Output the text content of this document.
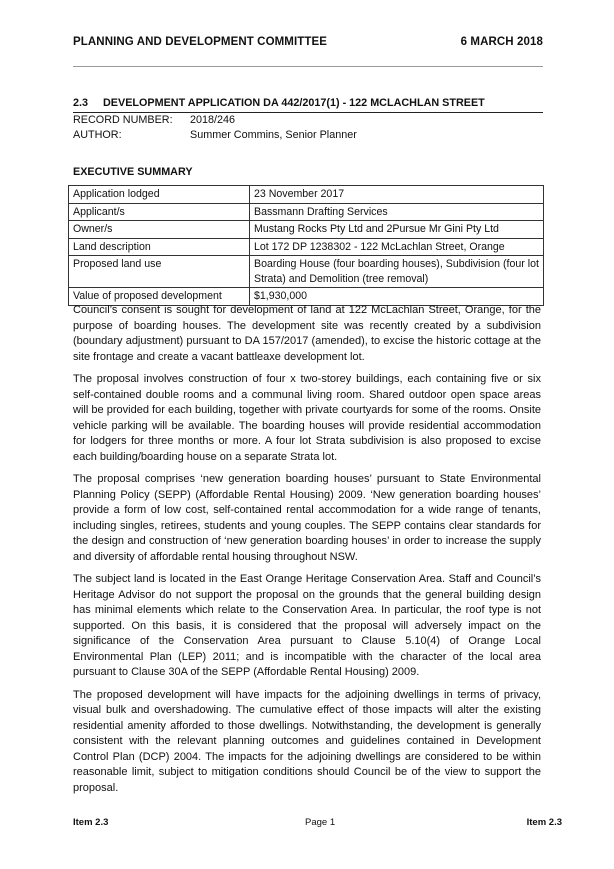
PLANNING AND DEVELOPMENT COMMITTEE	6 MARCH 2018
2.3 DEVELOPMENT APPLICATION DA 442/2017(1) - 122 MCLACHLAN STREET
RECORD NUMBER: 2018/246
AUTHOR:	Summer Commins, Senior Planner
EXECUTIVE SUMMARY
Application lodged	23 November 2017
Applicant/s	Bassmann Drafting Services
Owner/s	Mustang Rocks Pty Ltd and 2Pursue Mr Gini Pty Ltd
Land description	Lot 172 DP 1238302 - 122 McLachlan Street, Orange
Proposed land use	Boarding House (four boarding houses), Subdivision (four lot Strata) and Demolition (tree removal)
Value of proposed development	$1,930,000

Council’s consent is sought for development of land at 122 McLachlan Street, Orange, for the purpose of boarding houses. The development site was recently created by a subdivision (boundary adjustment) pursuant to DA 157/2017 (amended), to excise the historic cottage at the site frontage and create a vacant battleaxe development lot.

The proposal involves construction of four x two-storey buildings, each containing five or six self-contained double rooms and a communal living room. Shared outdoor open space areas will be provided for each building, together with private courtyards for some of the rooms. Onsite vehicle parking will be available. The boarding houses will provide residential accommodation for lodgers for three months or more. A four lot Strata subdivision is also proposed to excise each building/boarding house on a separate Strata lot.

The proposal comprises ‘new generation boarding houses’ pursuant to State Environmental Planning Policy (SEPP) (Affordable Rental Housing) 2009. ‘New generation boarding houses’ provide a form of low cost, self-contained rental accommodation for a wide range of tenants, including singles, retirees, students and young couples. The SEPP contains clear standards for the design and construction of ‘new generation boarding houses’ in order to increase the supply and diversity of affordable rental housing throughout NSW.

The subject land is located in the East Orange Heritage Conservation Area. Staff and Council’s Heritage Advisor do not support the proposal on the grounds that the general building design has minimal elements which relate to the Conservation Area. In particular, the roof type is not supported. On this basis, it is considered that the proposal will adversely impact on the significance of the Conservation Area pursuant to Clause 5.10(4) of Orange Local Environmental Plan (LEP) 2011; and is incompatible with the character of the local area pursuant to Clause 30A of the SEPP (Affordable Rental Housing) 2009.

The proposed development will have impacts for the adjoining dwellings in terms of privacy, visual bulk and overshadowing. The cumulative effect of those impacts will alter the existing residential amenity afforded to those dwellings. Notwithstanding, the development is generally consistent with the relevant planning outcomes and guidelines contained in Development Control Plan (DCP) 2004. The impacts for the adjoining dwellings are considered to be within reasonable limit, subject to mitigation conditions should Council be of the view to support the proposal.

Item 2.3	Page 1	Item 2.3
